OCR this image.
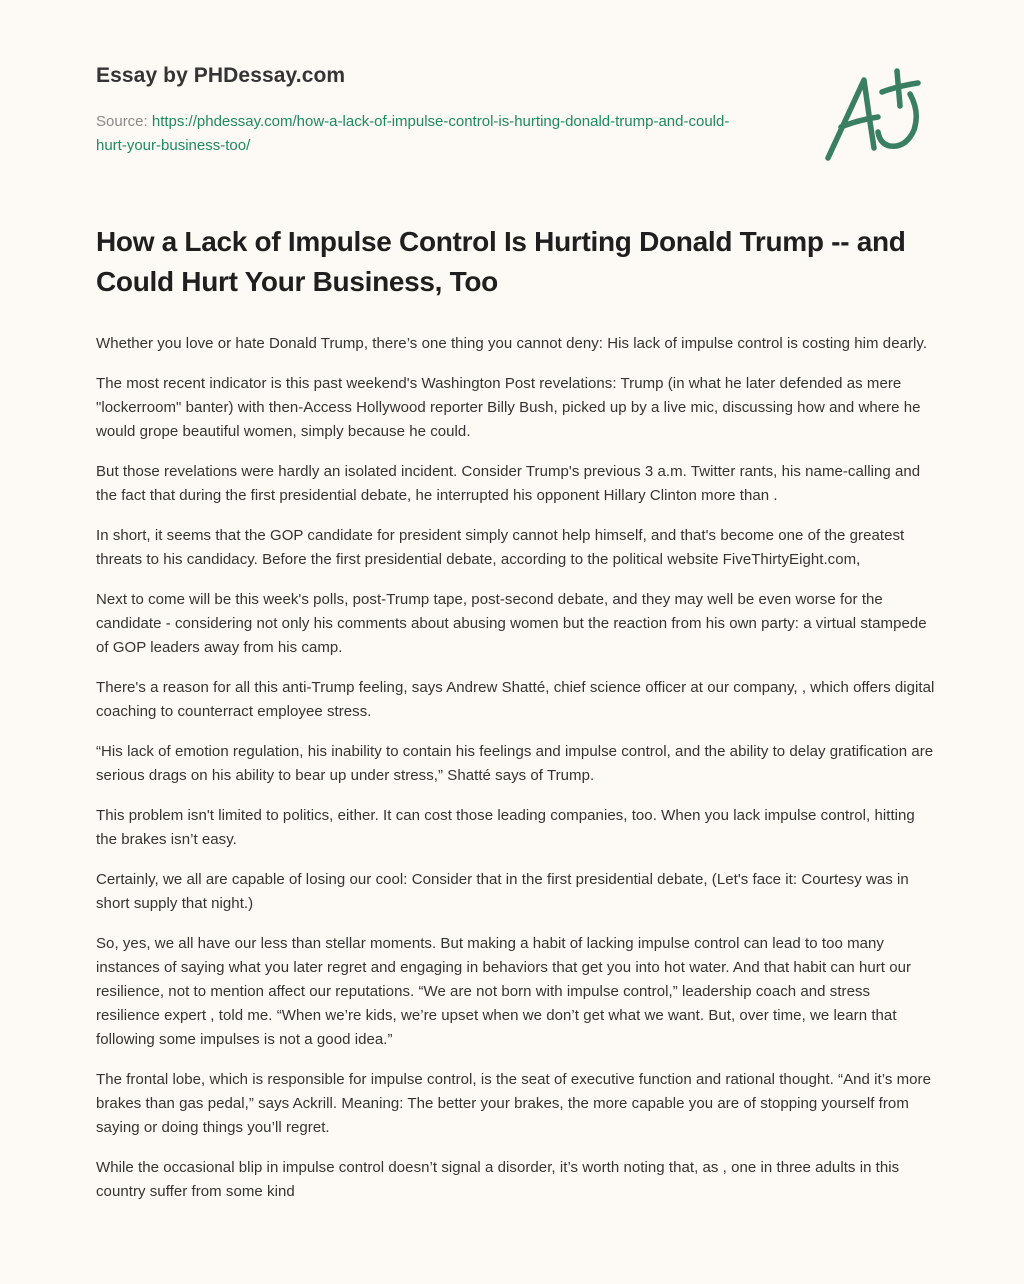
Essay by PHDessay.com
Source: https://phdessay.com/how-a-lack-of-impulse-control-is-hurting-donald-trump-and-could-hurt-your-business-too/
How a Lack of Impulse Control Is Hurting Donald Trump -- and Could Hurt Your Business, Too

Whether you love or hate Donald Trump, there’s one thing you cannot deny: His lack of impulse control is costing him dearly.

The most recent indicator is this past weekend's Washington Post revelations: Trump (in what he later defended as mere "lockerroom" banter) with then-Access Hollywood reporter Billy Bush, picked up by a live mic, discussing how and where he would grope beautiful women, simply because he could.

But those revelations were hardly an isolated incident. Consider Trump's previous 3 a.m. Twitter rants, his name-calling and the fact that during the first presidential debate, he interrupted his opponent Hillary Clinton more than .

In short, it seems that the GOP candidate for president simply cannot help himself, and that's become one of the greatest threats to his candidacy. Before the first presidential debate, according to the political website FiveThirtyEight.com,

Next to come will be this week's polls, post-Trump tape, post-second debate, and they may well be even worse for the candidate - considering not only his comments about abusing women but the reaction from his own party: a virtual stampede of GOP leaders away from his camp.

There's a reason for all this anti-Trump feeling, says Andrew Shatté, chief science officer at our company, , which offers digital coaching to counterract employee stress.

“His lack of emotion regulation, his inability to contain his feelings and impulse control, and the ability to delay gratification are serious drags on his ability to bear up under stress,” Shatté says of Trump.

This problem isn't limited to politics, either. It can cost those leading companies, too. When you lack impulse control, hitting the brakes isn’t easy.

Certainly, we all are capable of losing our cool: Consider that in the first presidential debate, (Let's face it: Courtesy was in short supply that night.)

So, yes, we all have our less than stellar moments. But making a habit of lacking impulse control can lead to too many instances of saying what you later regret and engaging in behaviors that get you into hot water. And that habit can hurt our resilience, not to mention affect our reputations. “We are not born with impulse control,” leadership coach and stress resilience expert , told me. “When we’re kids, we’re upset when we don’t get what we want. But, over time, we learn that following some impulses is not a good idea.”

The frontal lobe, which is responsible for impulse control, is the seat of executive function and rational thought. “And it’s more brakes than gas pedal,” says Ackrill. Meaning: The better your brakes, the more capable you are of stopping yourself from saying or doing things you’ll regret.

While the occasional blip in impulse control doesn’t signal a disorder, it’s worth noting that, as , one in three adults in this country suffer from some kind
